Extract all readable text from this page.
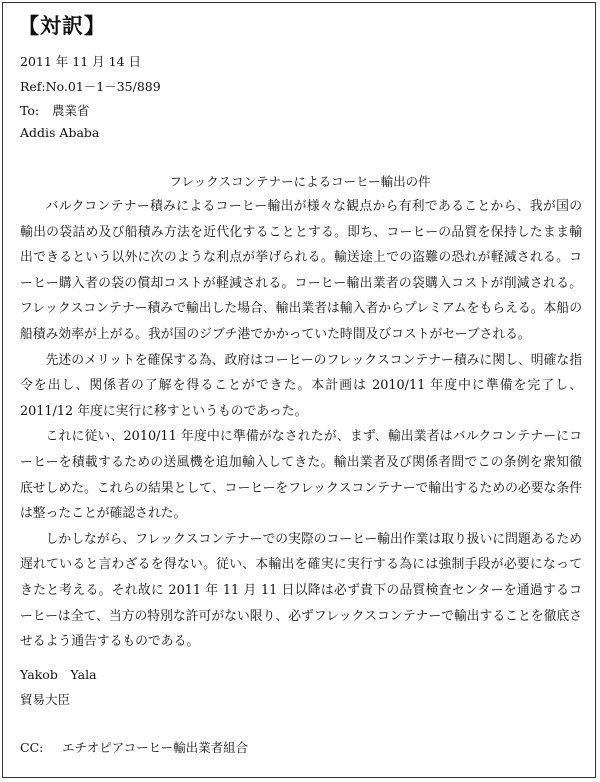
【対訳】
2011 年 11 月 14 日
Ref:No.01－1－35/889
To: 農業省
Addis Ababa
フレックスコンテナーによるコーヒー輸出の件

バルクコンテナー積みによるコーヒー輸出が様々な観点から有利であることから、我が国の輸出の袋詰め及び船積み方法を近代化することとする。即ち、コーヒーの品質を保持したまま輸出できるという以外に次のような利点が挙げられる。輸送途上での盗難の恐れが軽減される。コーヒー購入者の袋の償却コストが軽減される。コーヒー輸出業者の袋購入コストが削減される。フレックスコンテナー積みで輸出した場合、輸出業者は輸入者からプレミアムをもらえる。本船の船積み効率が上がる。我が国のジブチ港でかかっていた時間及びコストがセーブされる。

先述のメリットを確保する為、政府はコーヒーのフレックスコンテナー積みに関し、明確な指令を出し、関係者の了解を得ることができた。本計画は 2010/11 年度中に準備を完了し、2011/12 年度に実行に移すというものであった。

これに従い、2010/11 年度中に準備がなされたが、まず、輸出業者はバルクコンテナーにコーヒーを積載するための送風機を追加輸入してきた。輸出業者及び関係者間でこの条例を衆知徹底せしめた。これらの結果として、コーヒーをフレックスコンテナーで輸出するための必要な条件は整ったことが確認された。

しかしながら、フレックスコンテナーでの実際のコーヒー輸出作業は取り扱いに問題あるため遅れていると言わざるを得ない。従い、本輸出を確実に実行する為には強制手段が必要になってきたと考える。それ故に 2011 年 11 月 11 日以降は必ず貴下の品質検査センターを通過するコーヒーは全て、当方の特別な許可がない限り、必ずフレックスコンテナーで輸出することを徹底させるよう通告するものである。

Yakob　Yala
貿易大臣
CC: エチオピアコーヒー輸出業者組合
